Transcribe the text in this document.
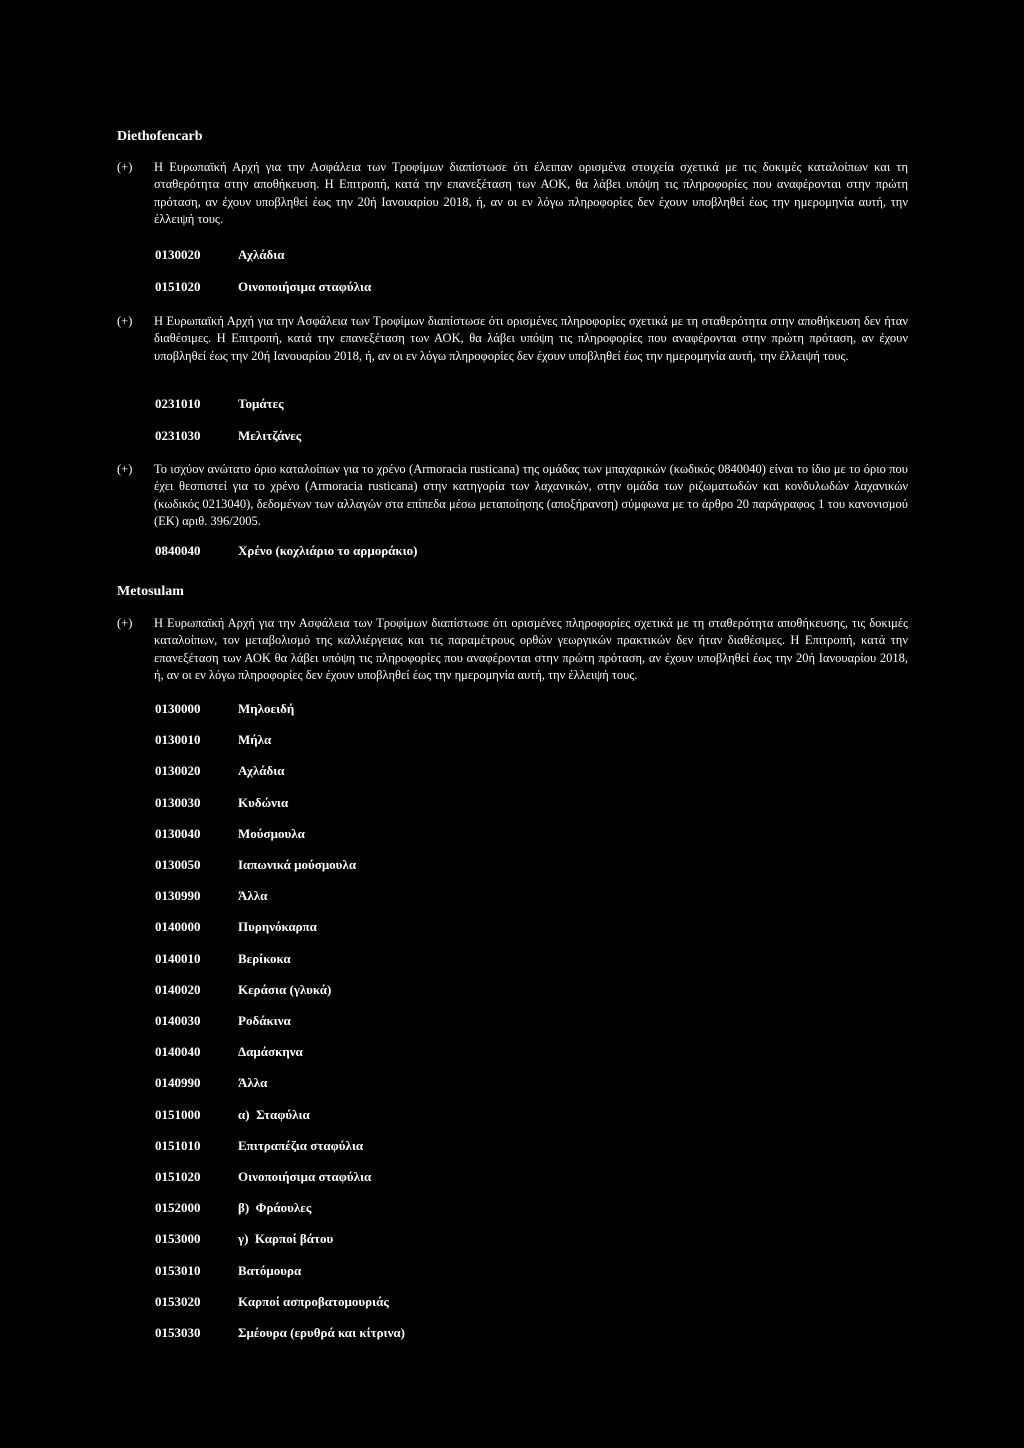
Diethofencarb
(+) Η Ευρωπαϊκή Αρχή για την Ασφάλεια των Τροφίμων διαπίστωσε ότι έλειπαν ορισμένα στοιχεία σχετικά με τις δοκιμές καταλοίπων και τη σταθερότητα στην αποθήκευση. Η Επιτροπή, κατά την επανεξέταση των ΑΟΚ, θα λάβει υπόψη τις πληροφορίες που αναφέρονται στην πρώτη πρόταση, αν έχουν υποβληθεί έως την 20ή Ιανουαρίου 2018, ή, αν οι εν λόγω πληροφορίες δεν έχουν υποβληθεί έως την ημερομηνία αυτή, την έλλειψή τους.
0130020	Αχλάδια
0151020	Οινοποιήσιμα σταφύλια
(+) Η Ευρωπαϊκή Αρχή για την Ασφάλεια των Τροφίμων διαπίστωσε ότι ορισμένες πληροφορίες σχετικά με τη σταθερότητα στην αποθήκευση δεν ήταν διαθέσιμες. Η Επιτροπή, κατά την επανεξέταση των ΑΟΚ, θα λάβει υπόψη τις πληροφορίες που αναφέρονται στην πρώτη πρόταση, αν έχουν υποβληθεί έως την 20ή Ιανουαρίου 2018, ή, αν οι εν λόγω πληροφορίες δεν έχουν υποβληθεί έως την ημερομηνία αυτή, την έλλειψή τους.
0231010	Τομάτες
0231030	Μελιτζάνες
(+) Το ισχύον ανώτατο όριο καταλοίπων για το χρένο (Armoracia rusticana) της ομάδας των μπαχαρικών (κωδικός 0840040) είναι το ίδιο με το όριο που έχει θεσπιστεί για το χρένο (Armoracia rusticana) στην κατηγορία των λαχανικών, στην ομάδα των ριζωματωδών και κονδυλωδών λαχανικών (κωδικός 0213040), δεδομένων των αλλαγών στα επίπεδα μέσω μεταποίησης (αποξήρανση) σύμφωνα με το άρθρο 20 παράγραφος 1 του κανονισμού (ΕΚ) αριθ. 396/2005.
0840040	Χρένο (κοχλιάριο το αρμοράκιο)
Metosulam
(+) Η Ευρωπαϊκή Αρχή για την Ασφάλεια των Τροφίμων διαπίστωσε ότι ορισμένες πληροφορίες σχετικά με τη σταθερότητα αποθήκευσης, τις δοκιμές καταλοίπων, τον μεταβολισμό της καλλιέργειας και τις παραμέτρους ορθών γεωργικών πρακτικών δεν ήταν διαθέσιμες. Η Επιτροπή, κατά την επανεξέταση των ΑΟΚ θα λάβει υπόψη τις πληροφορίες που αναφέρονται στην πρώτη πρόταση, αν έχουν υποβληθεί έως την 20ή Ιανουαρίου 2018, ή, αν οι εν λόγω πληροφορίες δεν έχουν υποβληθεί έως την ημερομηνία αυτή, την έλλειψή τους.
0130000	Μηλοειδή
0130010	Μήλα
0130020	Αχλάδια
0130030	Κυδώνια
0130040	Μούσμουλα
0130050	Ιαπωνικά μούσμουλα
0130990	Άλλα
0140000	Πυρηνόκαρπα
0140010	Βερίκοκα
0140020	Κεράσια (γλυκά)
0140030	Ροδάκινα
0140040	Δαμάσκηνα
0140990	Άλλα
0151000	α)  Σταφύλια
0151010	Επιτραπέζια σταφύλια
0151020	Οινοποιήσιμα σταφύλια
0152000	β)  Φράουλες
0153000	γ)  Καρποί βάτου
0153010	Βατόμουρα
0153020	Καρποί ασπροβατομουριάς
0153030	Σμέουρα (ερυθρά και κίτρινα)
